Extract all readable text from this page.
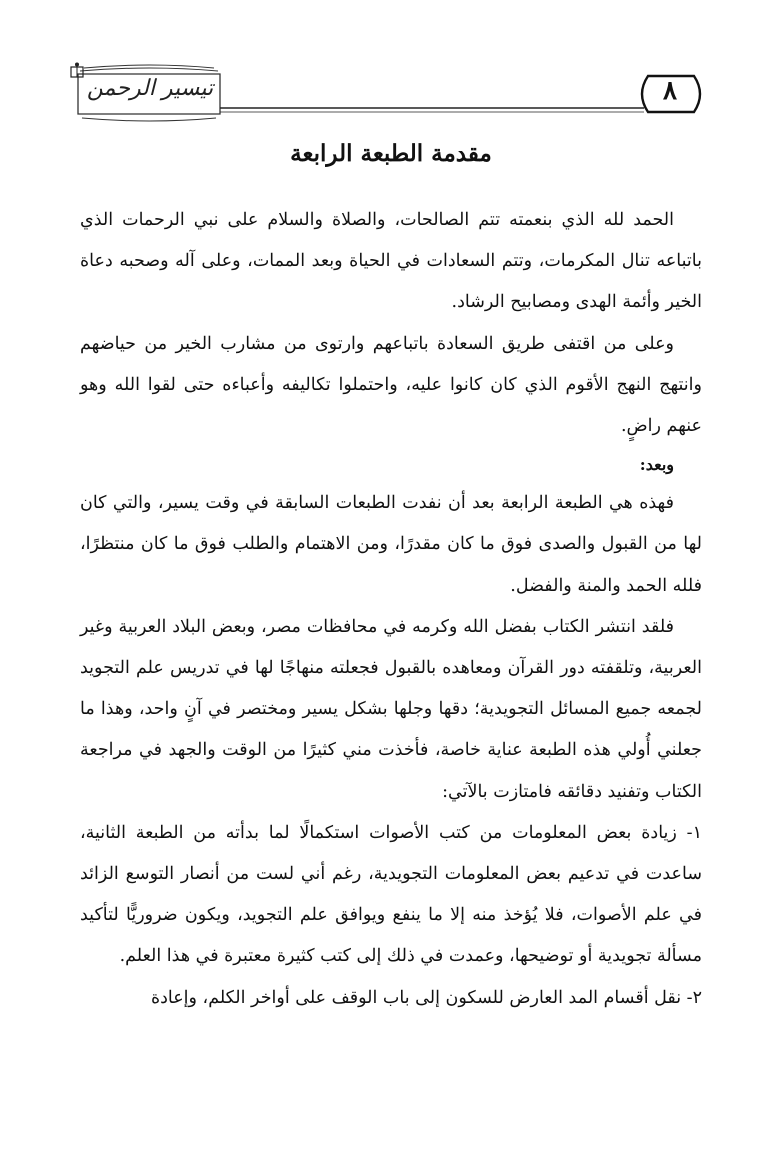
تيسير الرحمن	٨
مقدمة الطبعة الرابعة

الحمد لله الذي بنعمته تتم الصالحات، والصلاة والسلام على نبي الرحمات الذي باتباعه تنال المكرمات، وتتم السعادات في الحياة وبعد الممات، وعلى آله وصحبه دعاة الخير وأئمة الهدى ومصابيح الرشاد.

وعلى من اقتفى طريق السعادة باتباعهم وارتوى من مشارب الخير من حياضهم وانتهج النهج الأقوم الذي كان كانوا عليه، واحتملوا تكاليفه وأعباءه حتى لقوا الله وهو عنهم راضٍ.

وبعد:

فهذه هي الطبعة الرابعة بعد أن نفدت الطبعات السابقة في وقت يسير، والتي كان لها من القبول والصدى فوق ما كان مقدرًا، ومن الاهتمام والطلب فوق ما كان منتظرًا، فلله الحمد والمنة والفضل.

فلقد انتشر الكتاب بفضل الله وكرمه في محافظات مصر، وبعض البلاد العربية وغير العربية، وتلقفته دور القرآن ومعاهده بالقبول فجعلته منهاجًا لها في تدريس علم التجويد لجمعه جميع المسائل التجويدية؛ دقها وجلها بشكل يسير ومختصر في آنٍ واحد، وهذا ما جعلني أُولي هذه الطبعة عناية خاصة، فأخذت مني كثيرًا من الوقت والجهد في مراجعة الكتاب وتفنيد دقائقه فامتازت بالآتي:

١- زيادة بعض المعلومات من كتب الأصوات استكمالًا لما بدأته من الطبعة الثانية، ساعدت في تدعيم بعض المعلومات التجويدية، رغم أني لست من أنصار التوسع الزائد في علم الأصوات، فلا يُؤخذ منه إلا ما ينفع ويوافق علم التجويد، ويكون ضروريًّا لتأكيد مسألة تجويدية أو توضيحها، وعمدت في ذلك إلى كتب كثيرة معتبرة في هذا العلم.

٢- نقل أقسام المد العارض للسكون إلى باب الوقف على أواخر الكلم، وإعادة
